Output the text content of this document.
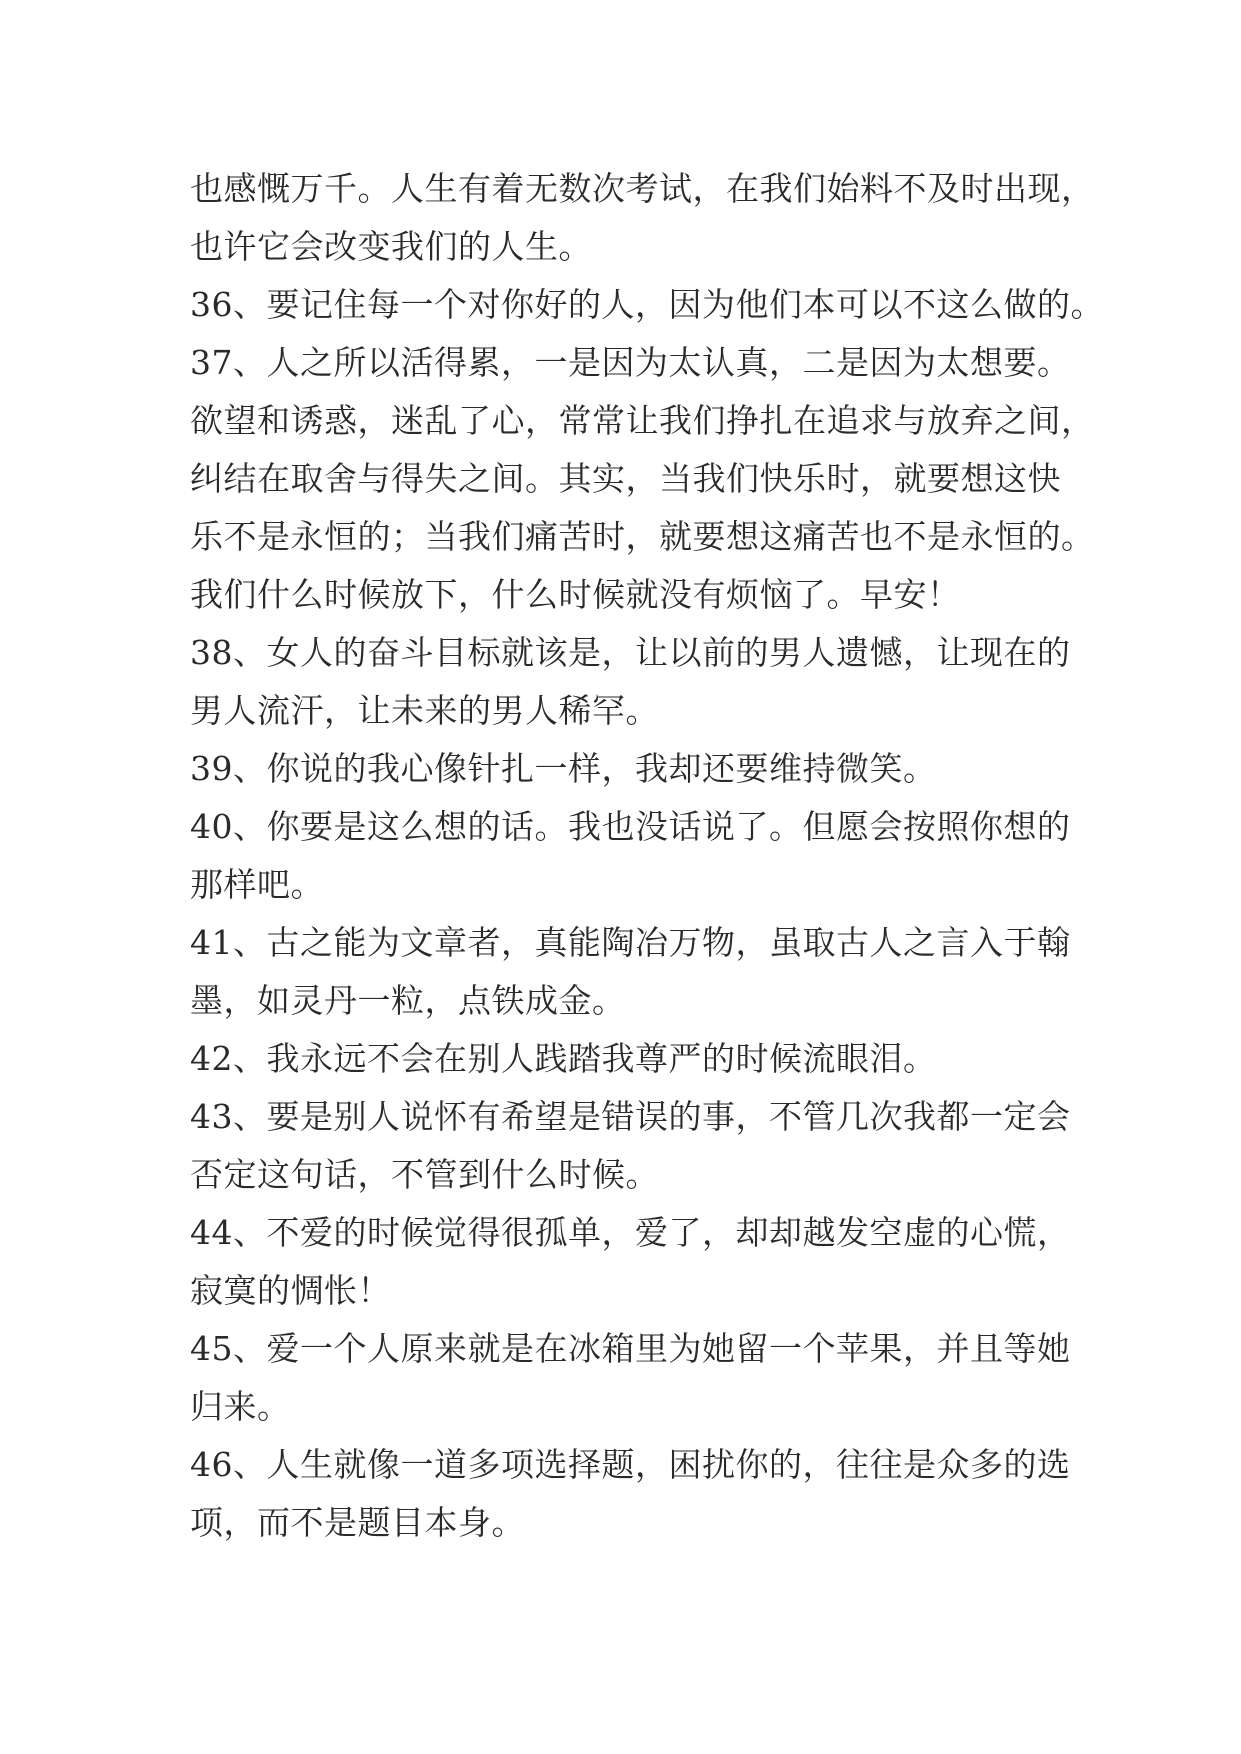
也感慨万千。人生有着无数次考试，在我们始料不及时出现，
也许它会改变我们的人生。
36、要记住每一个对你好的人，因为他们本可以不这么做的。
37、人之所以活得累，一是因为太认真，二是因为太想要。
欲望和诱惑，迷乱了心，常常让我们挣扎在追求与放弃之间，
纠结在取舍与得失之间。其实，当我们快乐时，就要想这快
乐不是永恒的；当我们痛苦时，就要想这痛苦也不是永恒的。
我们什么时候放下，什么时候就没有烦恼了。早安！
38、女人的奋斗目标就该是，让以前的男人遗憾，让现在的
男人流汗，让未来的男人稀罕。
39、你说的我心像针扎一样，我却还要维持微笑。
40、你要是这么想的话。我也没话说了。但愿会按照你想的
那样吧。
41、古之能为文章者，真能陶冶万物，虽取古人之言入于翰
墨，如灵丹一粒，点铁成金。
42、我永远不会在别人践踏我尊严的时候流眼泪。
43、要是别人说怀有希望是错误的事，不管几次我都一定会
否定这句话，不管到什么时候。
44、不爱的时候觉得很孤单，爱了，却却越发空虚的心慌，
寂寞的惆怅！
45、爱一个人原来就是在冰箱里为她留一个苹果，并且等她
归来。
46、人生就像一道多项选择题，困扰你的，往往是众多的选
项，而不是题目本身。
